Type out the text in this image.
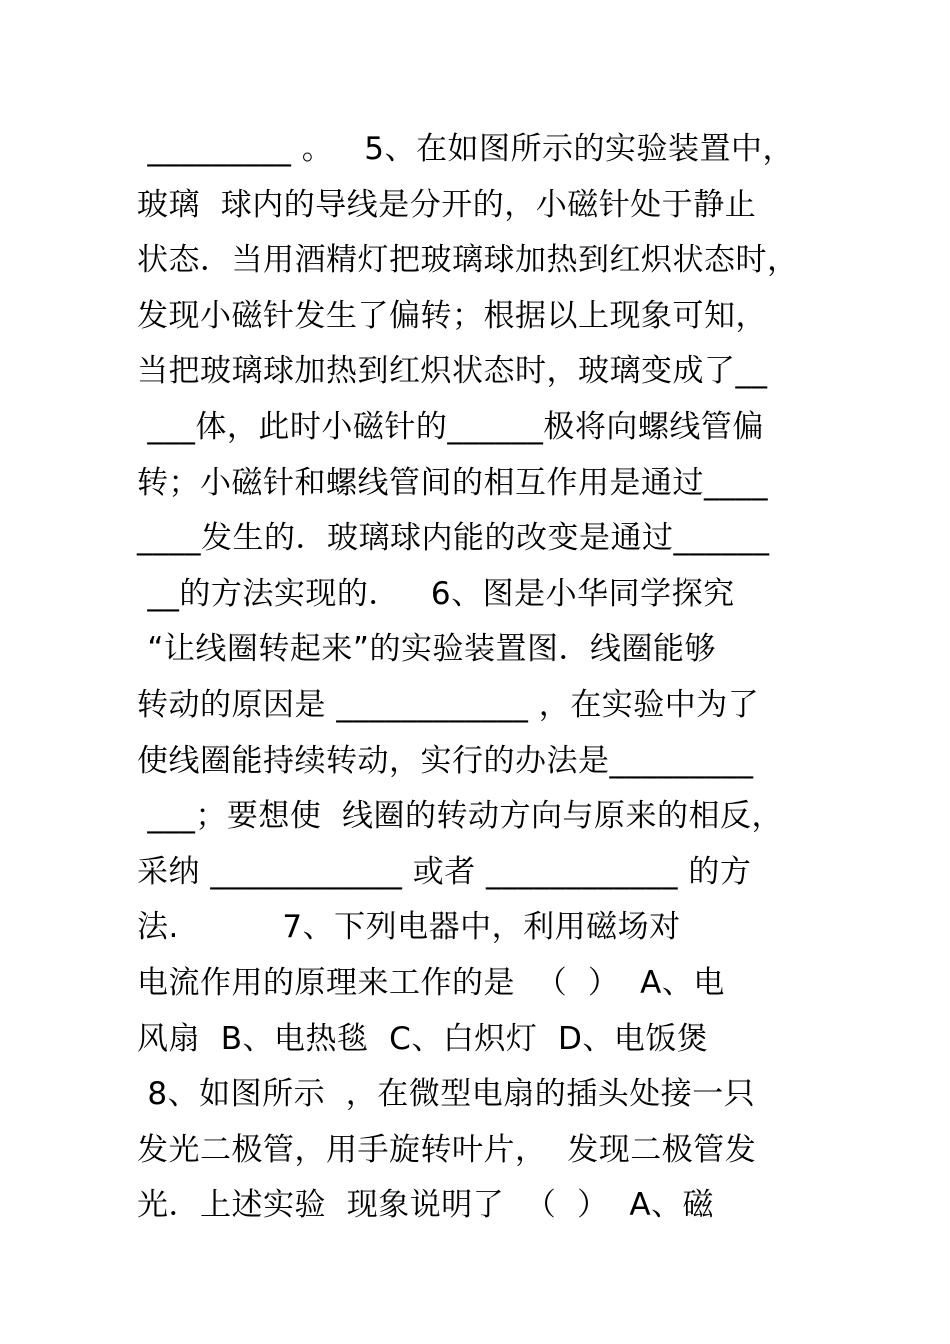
_________ 。   5、在如图所示的实验装置中，
玻璃  球内的导线是分开的，小磁针处于静止
状态．当用酒精灯把玻璃球加热到红炽状态时，
发现小磁针发生了偏转；根据以上现象可知，
当把玻璃球加热到红炽状态时，玻璃变成了__
___体，此时小磁针的______极将向螺线管偏
转；小磁针和螺线管间的相互作用是通过____
____发生的．玻璃球内能的改变是通过______
__的方法实现的．   6、图是小华同学探究
“让线圈转起来”的实验装置图．线圈能够
转动的原因是 ____________ ，在实验中为了
使线圈能持续转动，实行的办法是_________
___；要想使  线圈的转动方向与原来的相反，
采纳 ____________ 或者 ____________ 的方
法.          7、下列电器中，利用磁场对
电流作用的原理来工作的是  （  ）  A、电
风扇  B、电热毯  C、白炽灯  D、电饭煲
8、如图所示  ，在微型电扇的插头处接一只
发光二极管，用手旋转叶片，  发现二极管发
光．上述实验  现象说明了  （  ）  A、磁
